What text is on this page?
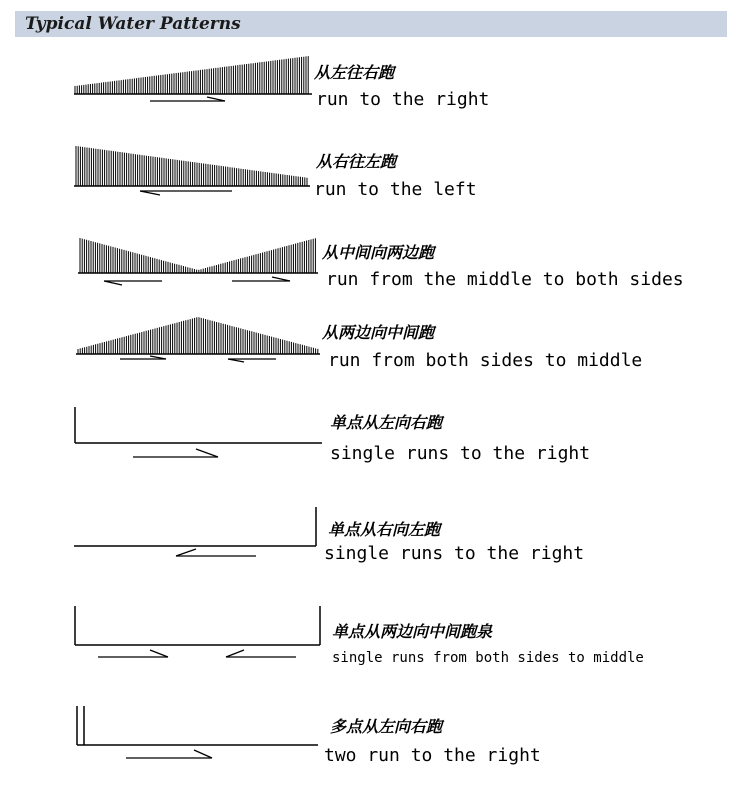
Typical Water Patterns
从左往右跑
run to the right
从右往左跑
run to the left
从中间向两边跑
run from the middle to both sides
从两边向中间跑
run from both sides to middle
单点从左向右跑
single runs to the right
单点从右向左跑
single runs to the right
单点从两边向中间跑泉
single runs from both sides to middle
多点从左向右跑
two run to the right
